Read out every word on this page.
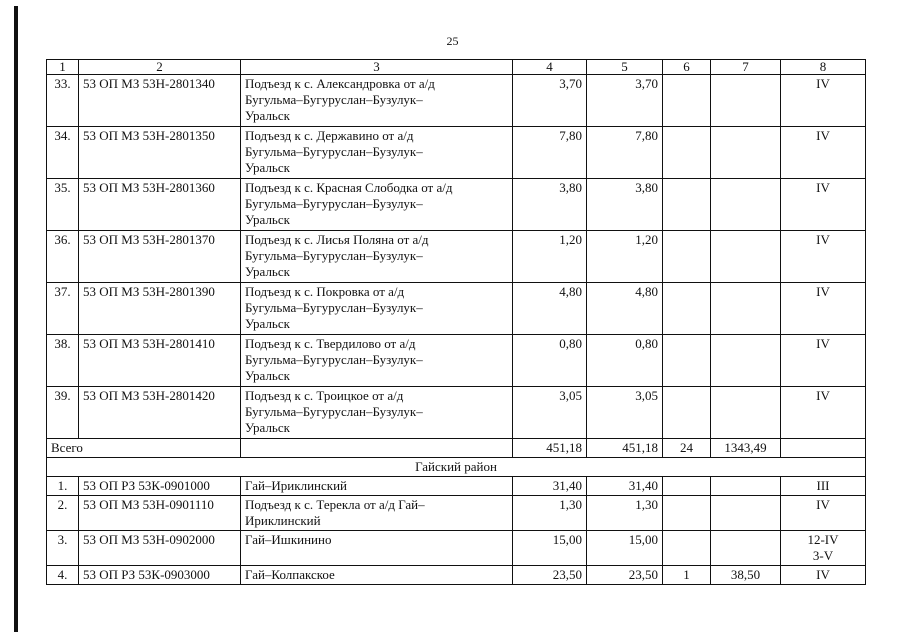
25
1	2	3	4	5	6	7	8
33.	53 ОП МЗ 53Н-2801340	Подъезд к с. Александровка от а/д
Бугульма–Бугуруслан–Бузулук–
Уральск	3,70	3,70			IV
34.	53 ОП МЗ 53Н-2801350	Подъезд к с. Державино от а/д
Бугульма–Бугуруслан–Бузулук–
Уральск	7,80	7,80			IV
35.	53 ОП МЗ 53Н-2801360	Подъезд к с. Красная Слободка от а/д
Бугульма–Бугуруслан–Бузулук–
Уральск	3,80	3,80			IV
36.	53 ОП МЗ 53Н-2801370	Подъезд к с. Лисья Поляна от а/д
Бугульма–Бугуруслан–Бузулук–
Уральск	1,20	1,20			IV
37.	53 ОП МЗ 53Н-2801390	Подъезд к с. Покровка от а/д
Бугульма–Бугуруслан–Бузулук–
Уральск	4,80	4,80			IV
38.	53 ОП МЗ 53Н-2801410	Подъезд к с. Твердилово от а/д
Бугульма–Бугуруслан–Бузулук–
Уральск	0,80	0,80			IV
39.	53 ОП МЗ 53Н-2801420	Подъезд к с. Троицкое от а/д
Бугульма–Бугуруслан–Бузулук–
Уральск	3,05	3,05			IV
Всего			451,18	451,18	24	1343,49	
Гайский район							
1.	53 ОП РЗ 53К-0901000	Гай–Ириклинский	31,40	31,40			III

2.	53 ОП МЗ 53Н-0901110	Подъезд к с. Терекла от а/д Гай–
Ириклинский	1,30	1,30			IV

3.	53 ОП МЗ 53Н-0902000	Гай–Ишкинино	15,00	15,00			12-IV
3-V

4.	53 ОП РЗ 53К-0903000	Гай–Колпакское	23,50	23,50	1	38,50	IV
